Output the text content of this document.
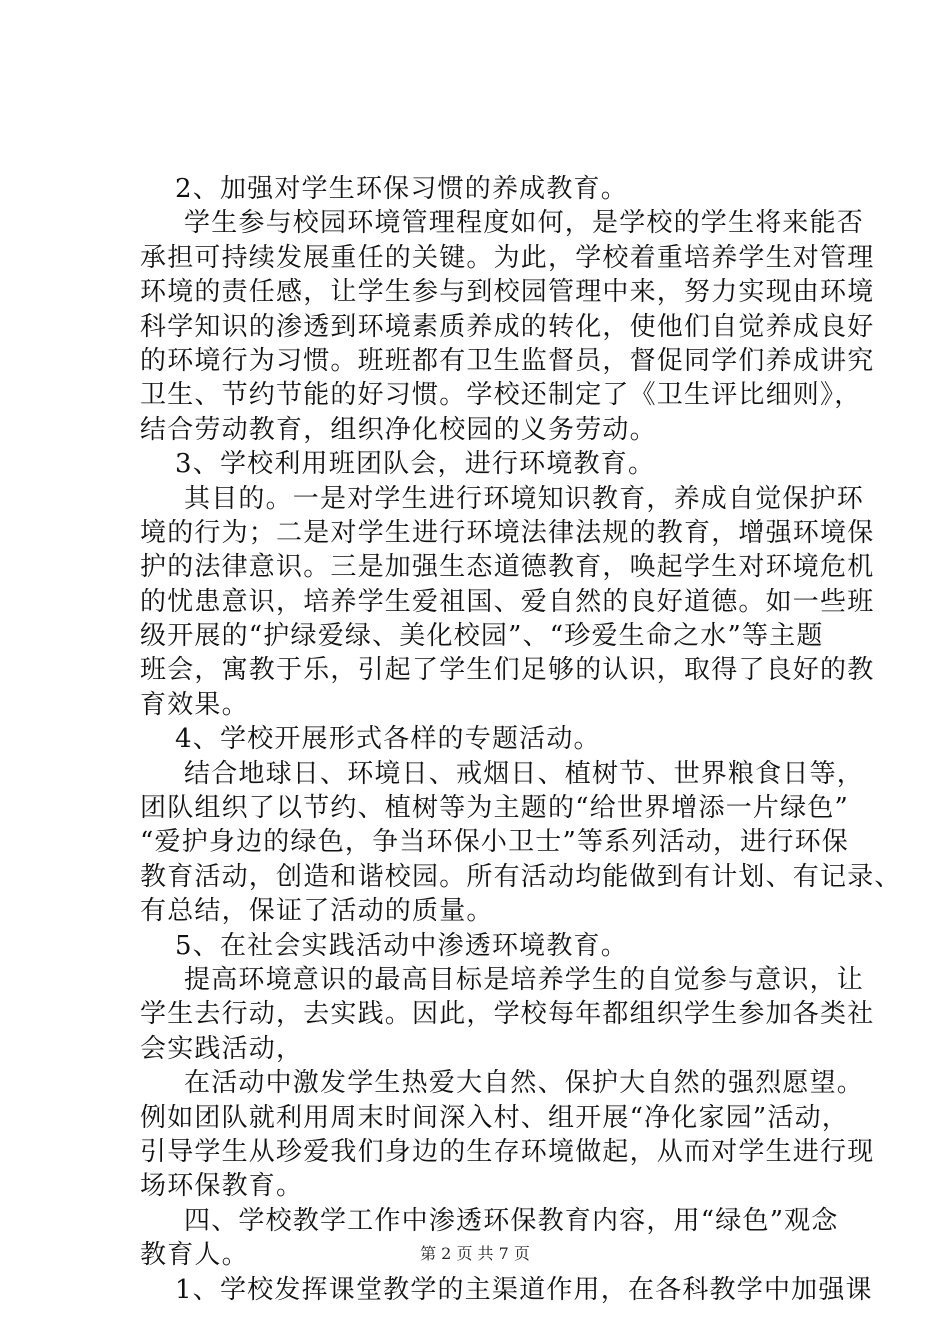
2、加强对学生环保习惯的养成教育。
学生参与校园环境管理程度如何，是学校的学生将来能否
承担可持续发展重任的关键。为此，学校着重培养学生对管理
环境的责任感，让学生参与到校园管理中来，努力实现由环境
科学知识的渗透到环境素质养成的转化，使他们自觉养成良好
的环境行为习惯。班班都有卫生监督员，督促同学们养成讲究
卫生、节约节能的好习惯。学校还制定了《卫生评比细则》，
结合劳动教育，组织净化校园的义务劳动。
3、学校利用班团队会，进行环境教育。
其目的。一是对学生进行环境知识教育，养成自觉保护环
境的行为；二是对学生进行环境法律法规的教育，增强环境保
护的法律意识。三是加强生态道德教育，唤起学生对环境危机
的忧患意识，培养学生爱祖国、爱自然的良好道德。如一些班
级开展的“护绿爱绿、美化校园”、“珍爱生命之水”等主题
班会，寓教于乐，引起了学生们足够的认识，取得了良好的教
育效果。
4、学校开展形式各样的专题活动。
结合地球日、环境日、戒烟日、植树节、世界粮食日等，
团队组织了以节约、植树等为主题的“给世界增添一片绿色”
“爱护身边的绿色，争当环保小卫士”等系列活动，进行环保
教育活动，创造和谐校园。所有活动均能做到有计划、有记录、
有总结，保证了活动的质量。
5、在社会实践活动中渗透环境教育。
提高环境意识的最高目标是培养学生的自觉参与意识，让
学生去行动，去实践。因此，学校每年都组织学生参加各类社
会实践活动，
在活动中激发学生热爱大自然、保护大自然的强烈愿望。
例如团队就利用周末时间深入村、组开展“净化家园”活动，
引导学生从珍爱我们身边的生存环境做起，从而对学生进行现
场环保教育。
四、学校教学工作中渗透环保教育内容，用“绿色”观念
教育人。
1、学校发挥课堂教学的主渠道作用，在各科教学中加强课
第 2 页 共 7 页
